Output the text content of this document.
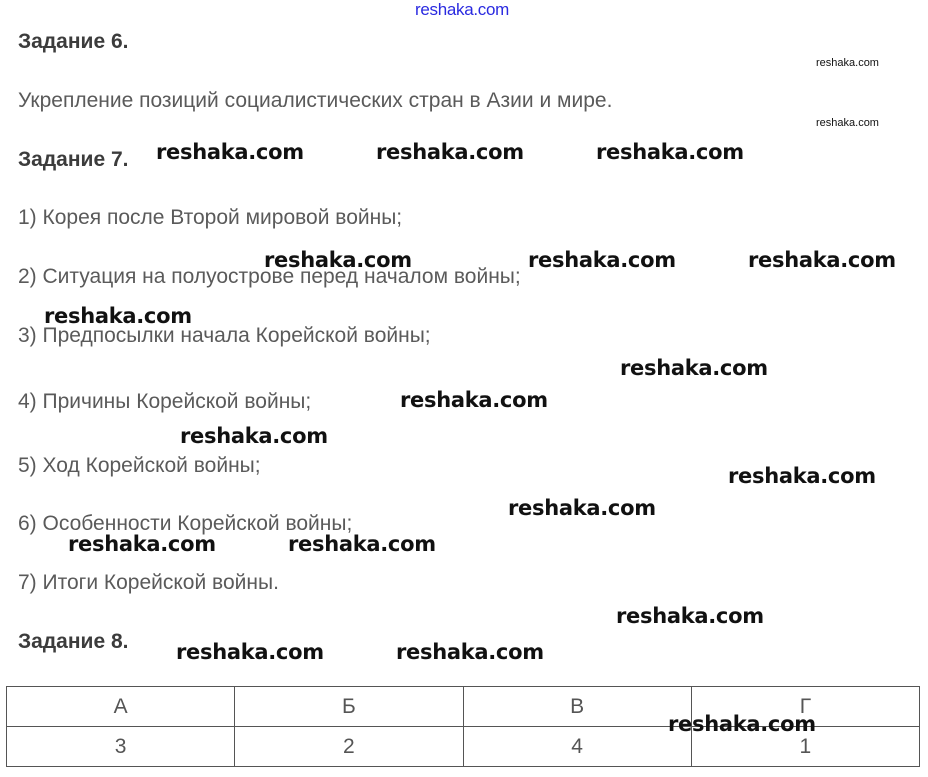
reshaka.com
Задание 6.
reshaka.com
Укрепление позиций социалистических стран в Азии и мире.
reshaka.com
Задание 7.
1) Корея после Второй мировой войны;
2) Ситуация на полуострове перед началом войны;
3) Предпосылки начала Корейской войны;
4) Причины Корейской войны;
5) Ход Корейской войны;
6) Особенности Корейской войны;
7) Итоги Корейской войны.
Задание 8.
А	Б	В	Г
3	2	4	1
reshaka.com	reshaka.com	reshaka.com
reshaka.com	reshaka.com	reshaka.com
reshaka.com
reshaka.com
reshaka.com
reshaka.com
reshaka.com
reshaka.com
reshaka.com	reshaka.com
reshaka.com
reshaka.com	reshaka.com
reshaka.com
